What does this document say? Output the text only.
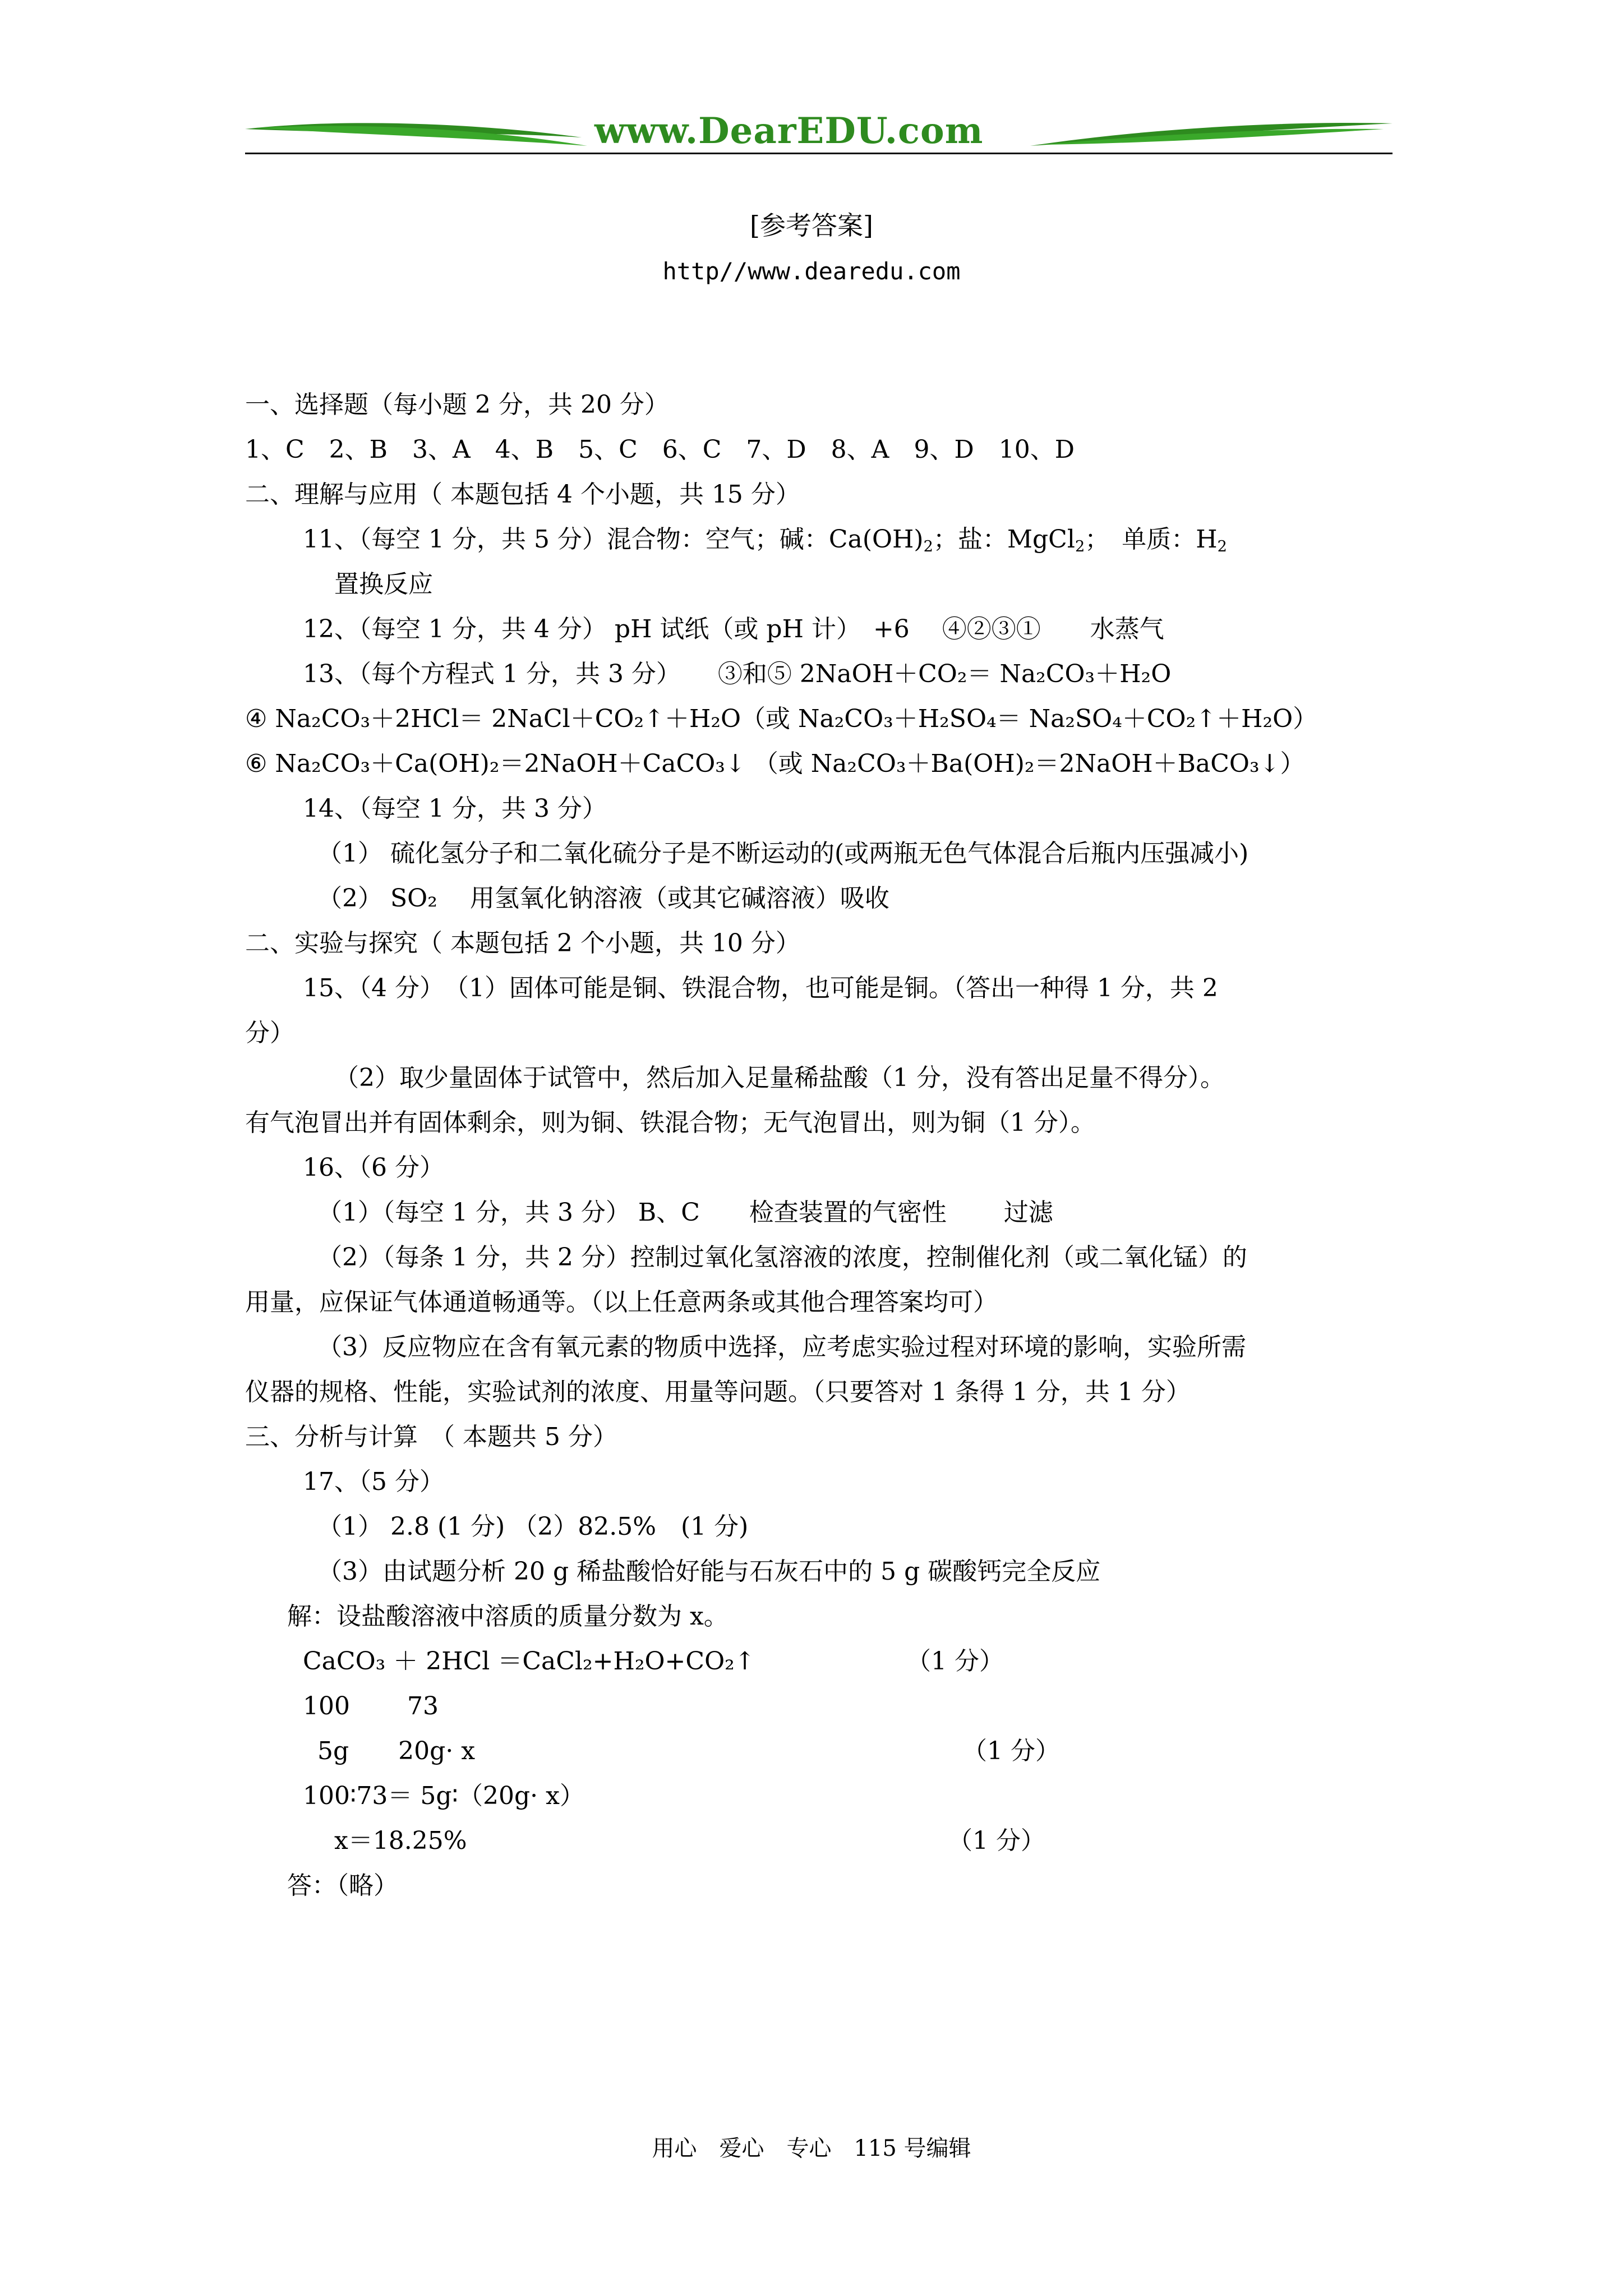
www.DearEDU.com
[参考答案]
http//www.dearedu.com
一、选择题（每小题 2 分，共 20 分）
1、C　2、B　3、A　4、B　5、C　6、C　7、D　8、A　9、D　10、D
二、理解与应用（ 本题包括 4 个小题，共 15 分）
11、（每空 1 分，共 5 分）混合物：空气；碱：$Ca(OH)_2$；盐：MgCl$_2$；　单质：$H_2$
置换反应
12、（每空 1 分，共 4 分） pH 试纸（或 pH 计）　+6　 ④②③①　　水蒸气
13、（每个方程式 1 分，共 3 分）　　③和⑤ 2NaOH＋CO₂＝ Na₂CO₃＋H₂O
④ Na₂CO₃＋2HCl＝ 2NaCl＋CO₂↑＋H₂O（或 Na₂CO₃＋H₂SO₄＝ Na₂SO₄＋CO₂↑＋H₂O）
⑥ Na₂CO₃＋Ca(OH)₂＝2NaOH＋CaCO₃↓ （或 Na₂CO₃＋Ba(OH)₂＝2NaOH＋BaCO₃↓）
14、（每空 1 分，共 3 分）
（1） 硫化氢分子和二氧化硫分子是不断运动的(或两瓶无色气体混合后瓶内压强减小)
（2） SO₂　 用氢氧化钠溶液（或其它碱溶液）吸收
二、实验与探究（ 本题包括 2 个小题，共 10 分）
15、（4 分）　（1）固体可能是铜、铁混合物，也可能是铜。（答出一种得 1 分，共 2
分）
（2）取少量固体于试管中，然后加入足量稀盐酸（1 分，没有答出足量不得分）。
有气泡冒出并有固体剩余，则为铜、铁混合物；无气泡冒出，则为铜（1 分）。
16、（6 分）
（1）（每空 1 分，共 3 分） B、C　　检查装置的气密性　　 过滤
（2）（每条 1 分，共 2 分）控制过氧化氢溶液的浓度，控制催化剂（或二氧化锰）的
用量，应保证气体通道畅通等。（以上任意两条或其他合理答案均可）
（3）反应物应在含有氧元素的物质中选择，应考虑实验过程对环境的影响，实验所需
仪器的规格、性能，实验试剂的浓度、用量等问题。（只要答对 1 条得 1 分，共 1 分）
三、分析与计算　（ 本题共 5 分）
17、（5 分）
（1） 2.8 (1 分) （2）82.5%　(1 分)
（3）由试题分析 20 g 稀盐酸恰好能与石灰石中的 5 g 碳酸钙完全反应
解：设盐酸溶液中溶质的质量分数为 x。
CaCO₃ ＋ 2HCl ＝CaCl₂+H₂O+CO₂↑	（1 分）
100　　 73
5g　　20g· x	（1 分）
100∶73＝ 5g∶（20g· x）
x＝18.25%	（1 分）
答：（略）
用心　爱心　专心　115 号编辑
